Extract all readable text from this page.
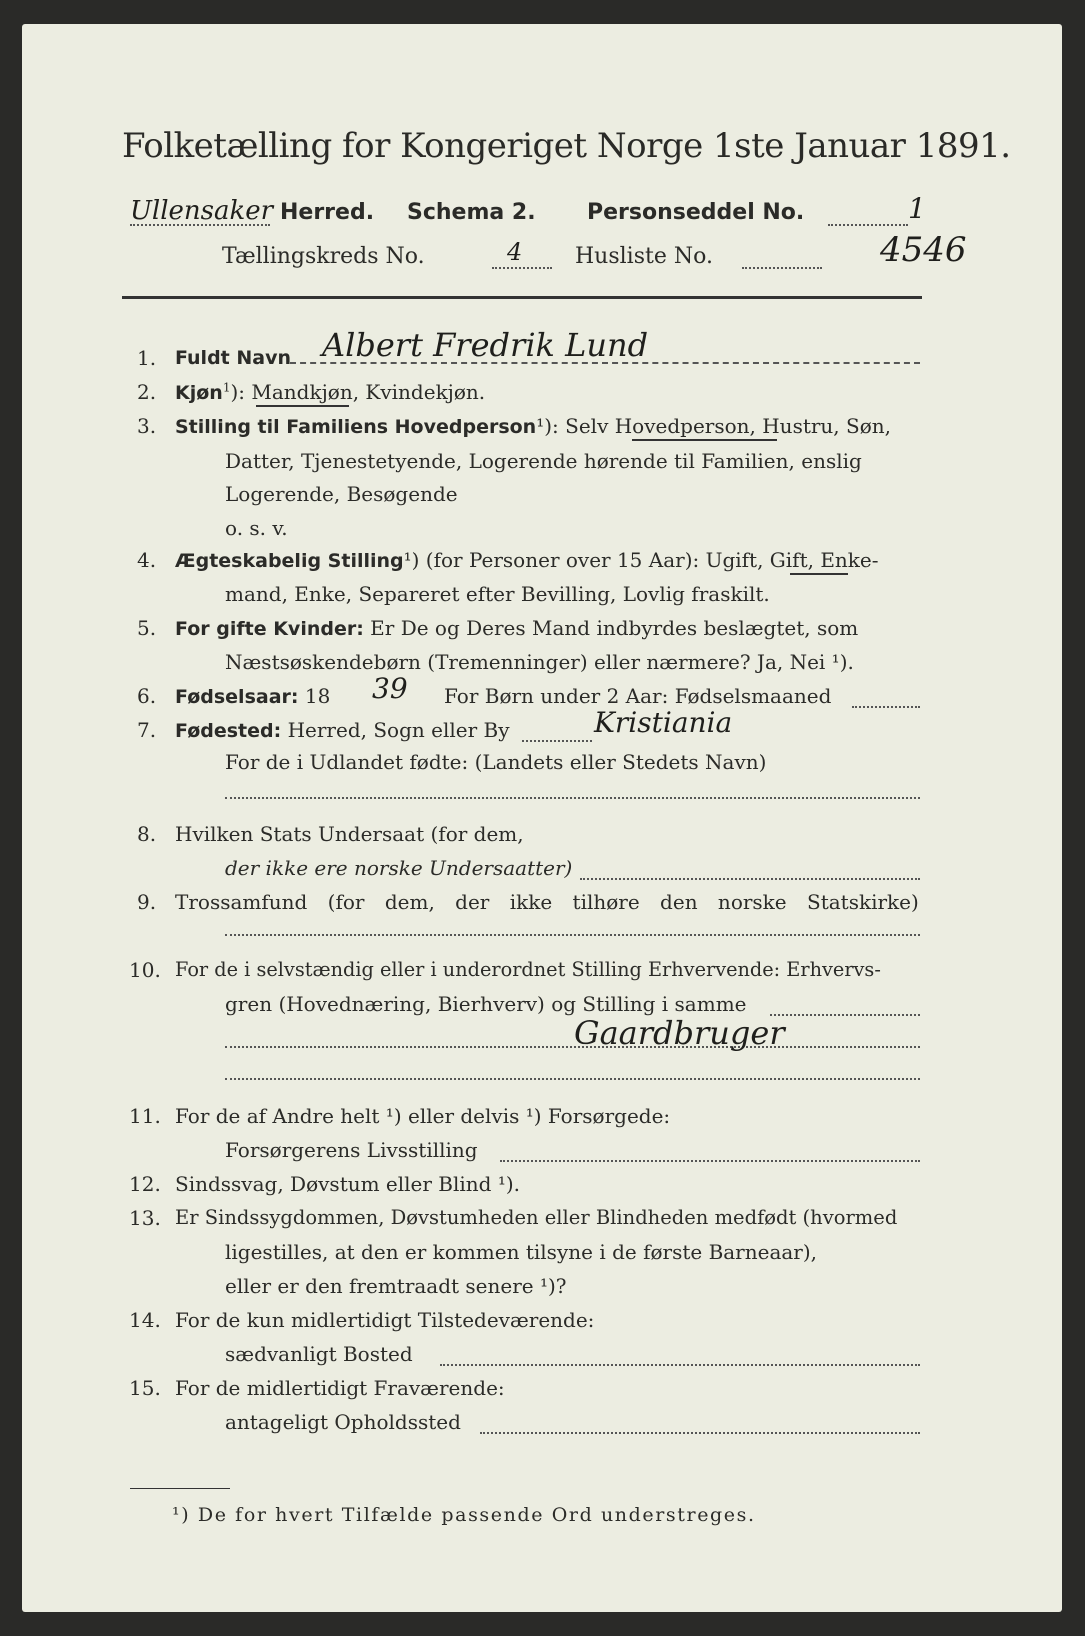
Folketælling for Kongeriget Norge 1ste Januar 1891.
Ullensaker Herred. Schema 2. Personseddel No.	1
Tællingskreds No.	4 Husliste No.	4546
1. Fuldt Navn Albert Fredrik Lund
2. Kjøn$^1$): Mandkjøn, Kvindekjøn.
3. Stilling til Familiens Hovedperson¹): Selv Hovedperson, Hustru, Søn,
Datter, Tjenestetyende, Logerende hørende til Familien, enslig
Logerende, Besøgende
o. s. v.
4. Ægteskabelig Stilling¹) (for Personer over 15 Aar): Ugift, Gift, Enke-
mand, Enke, Separeret efter Bevilling, Lovlig fraskilt.
5. For gifte Kvinder: Er De og Deres Mand indbyrdes beslægtet, som
Næstsøskendebørn (Tremenninger) eller nærmere? Ja, Nei ¹).
6. Fødselsaar: 18 39 For Børn under 2 Aar: Fødselsmaaned
7. Fødested: Herred, Sogn eller By	Kristiania
For de i Udlandet fødte: (Landets eller Stedets Navn)
8. Hvilken Stats Undersaat (for dem,
der ikke ere norske Undersaatter)
9. Trossamfund (for dem, der ikke tilhøre den norske Statskirke)
10. For de i selvstændig eller i underordnet Stilling Erhvervende: Erhvervs-
gren (Hovednæring, Bierhverv) og Stilling i samme
Gaardbruger
11. For de af Andre helt ¹) eller delvis ¹) Forsørgede:
Forsørgerens Livsstilling
12. Sindssvag, Døvstum eller Blind ¹).
13. Er Sindssygdommen, Døvstumheden eller Blindheden medfødt (hvormed
ligestilles, at den er kommen tilsyne i de første Barneaar),
eller er den fremtraadt senere ¹)?
14. For de kun midlertidigt Tilstedeværende:
sædvanligt Bosted
15. For de midlertidigt Fraværende:
antageligt Opholdssted
¹) De for hvert Tilfælde passende Ord understreges.
